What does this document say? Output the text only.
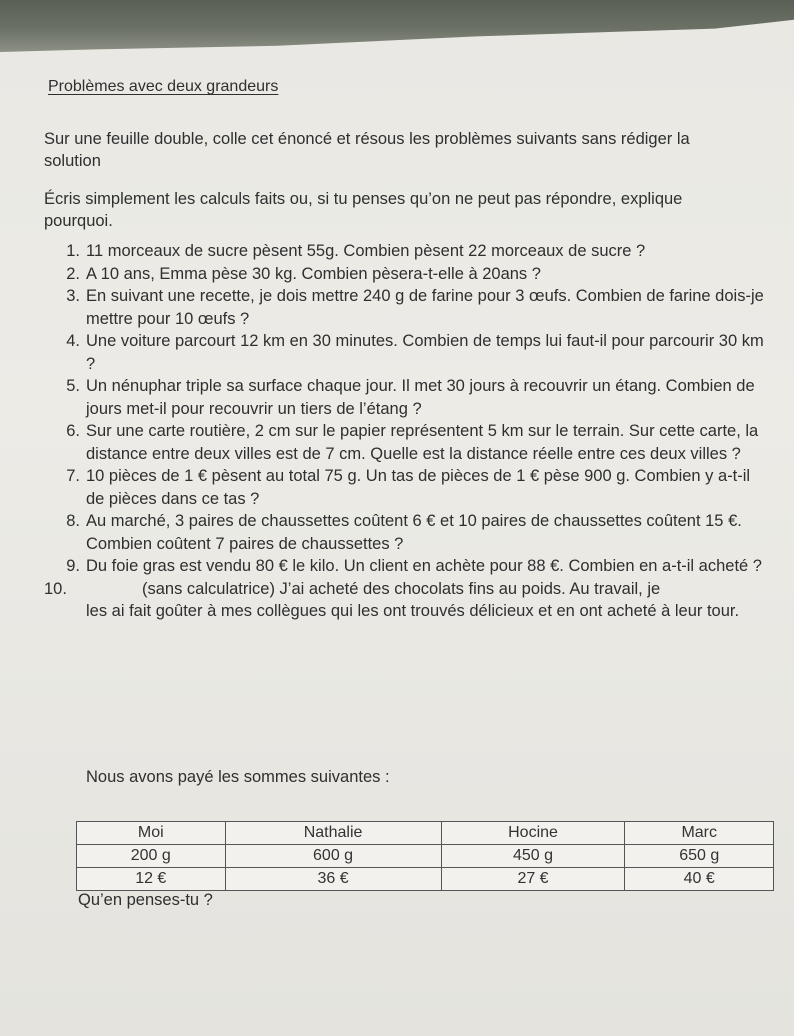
Problèmes avec deux grandeurs
Sur une feuille double, colle cet énoncé et résous les problèmes suivants sans rédiger la solution
Écris simplement les calculs faits ou, si tu penses qu’on ne peut pas répondre, explique pourquoi.
1. 11 morceaux de sucre pèsent 55g. Combien pèsent 22 morceaux de sucre ?
2. A 10 ans, Emma pèse 30 kg. Combien pèsera-t-elle à 20ans ?
3. En suivant une recette, je dois mettre 240 g de farine pour 3 œufs. Combien de farine dois-je mettre pour 10 œufs ?
4. Une voiture parcourt 12 km en 30 minutes. Combien de temps lui faut-il pour parcourir 30 km ?
5. Un nénuphar triple sa surface chaque jour. Il met 30 jours à recouvrir un étang. Combien de jours met-il pour recouvrir un tiers de l’étang ?
6. Sur une carte routière, 2 cm sur le papier représentent 5 km sur le terrain. Sur cette carte, la distance entre deux villes est de 7 cm. Quelle est la distance réelle entre ces deux villes ?
7. 10 pièces de 1 € pèsent au total 75 g. Un tas de pièces de 1 € pèse 900 g. Combien y a-t-il de pièces dans ce tas ?
8. Au marché, 3 paires de chaussettes coûtent 6 € et 10 paires de chaussettes coûtent 15 €. Combien coûtent 7 paires de chaussettes ?
9. Du foie gras est vendu 80 € le kilo. Un client en achète pour 88 €. Combien en a-t-il acheté ?
10.	(sans calculatrice) J’ai acheté des chocolats fins au poids. Au travail, je
les ai fait goûter à mes collègues qui les ont trouvés délicieux et en ont acheté à leur tour.
Nous avons payé les sommes suivantes :
Moi	Nathalie	Hocine	Marc
200 g	600 g	450 g	650 g
12 €	36 €	27 €	40 €
Qu’en penses-tu ?
